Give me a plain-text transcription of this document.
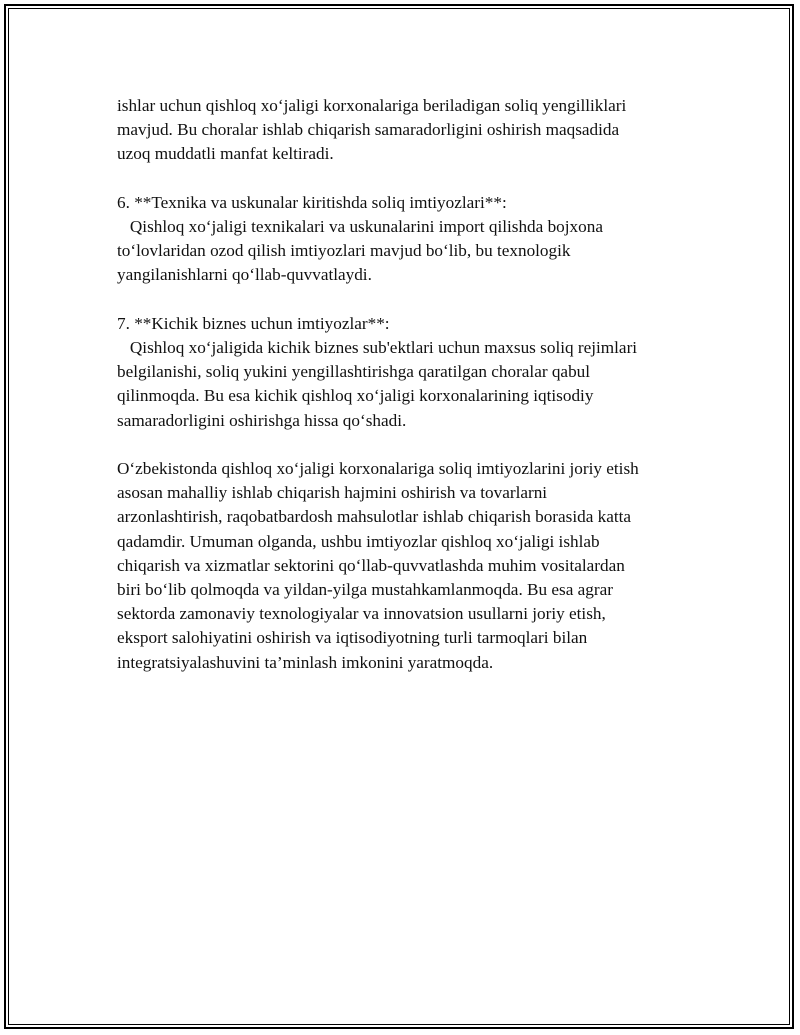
ishlar uchun qishloq xo‘jaligi korxonalariga beriladigan soliq yengilliklari
mavjud. Bu choralar ishlab chiqarish samaradorligini oshirish maqsadida
uzoq muddatli manfat keltiradi.
6. **Texnika va uskunalar kiritishda soliq imtiyozlari**:
Qishloq xo‘jaligi texnikalari va uskunalarini import qilishda bojxona
to‘lovlaridan ozod qilish imtiyozlari mavjud bo‘lib, bu texnologik
yangilanishlarni qo‘llab-quvvatlaydi.
7. **Kichik biznes uchun imtiyozlar**:
Qishloq xo‘jaligida kichik biznes sub'ektlari uchun maxsus soliq rejimlari
belgilanishi, soliq yukini yengillashtirishga qaratilgan choralar qabul
qilinmoqda. Bu esa kichik qishloq xo‘jaligi korxonalarining iqtisodiy
samaradorligini oshirishga hissa qo‘shadi.
O‘zbekistonda qishloq xo‘jaligi korxonalariga soliq imtiyozlarini joriy etish
asosan mahalliy ishlab chiqarish hajmini oshirish va tovarlarni
arzonlashtirish, raqobatbardosh mahsulotlar ishlab chiqarish borasida katta
qadamdir. Umuman olganda, ushbu imtiyozlar qishloq xo‘jaligi ishlab
chiqarish va xizmatlar sektorini qo‘llab-quvvatlashda muhim vositalardan
biri bo‘lib qolmoqda va yildan-yilga mustahkamlanmoqda. Bu esa agrar
sektorda zamonaviy texnologiyalar va innovatsion usullarni joriy etish,
eksport salohiyatini oshirish va iqtisodiyotning turli tarmoqlari bilan
integratsiyalashuvini ta’minlash imkonini yaratmoqda.
